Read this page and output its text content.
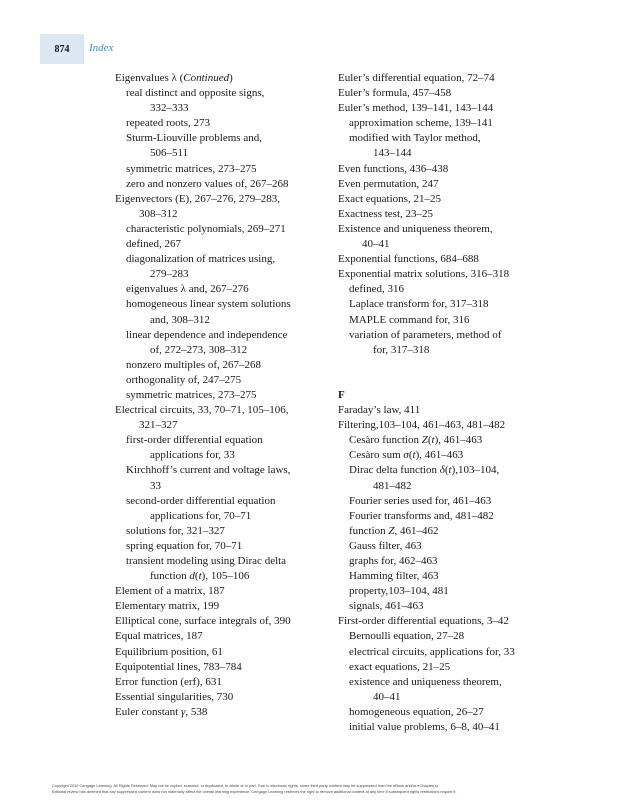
874 Index
Eigenvalues λ (Continued)
real distinct and opposite signs,
332–333
repeated roots, 273
Sturm-Liouville problems and,
506–511
symmetric matrices, 273–275
zero and nonzero values of, 267–268
Eigenvectors (E), 267–276, 279–283,
308–312
characteristic polynomials, 269–271
defined, 267
diagonalization of matrices using,
279–283
eigenvalues λ and, 267–276
homogeneous linear system solutions
and, 308–312
linear dependence and independence
of, 272–273, 308–312
nonzero multiples of, 267–268
orthogonality of, 247–275
symmetric matrices, 273–275
Electrical circuits, 33, 70–71, 105–106,
321–327
first-order differential equation
applications for, 33
Kirchhoff’s current and voltage laws,
33
second-order differential equation
applications for, 70–71
solutions for, 321–327
spring equation for, 70–71
transient modeling using Dirac delta
function d(t), 105–106
Element of a matrix, 187
Elementary matrix, 199
Elliptical cone, surface integrals of, 390
Equal matrices, 187
Equilibrium position, 61
Equipotential lines, 783–784
Error function (erf), 631
Essential singularities, 730
Euler constant γ, 538
Euler’s differential equation, 72–74
Euler’s formula, 457–458
Euler’s method, 139–141, 143–144
approximation scheme, 139–141
modified with Taylor method,
143–144
Even functions, 436–438
Even permutation, 247
Exact equations, 21–25
Exactness test, 23–25
Existence and uniqueness theorem,
40–41
Exponential functions, 684–688
Exponential matrix solutions, 316–318
defined, 316
Laplace transform for, 317–318
MAPLE command for, 316
variation of parameters, method of
for, 317–318
F
Faraday’s law, 411
Filtering,103–104, 461–463, 481–482
Cesàro function Z(t), 461–463
Cesàro sum σ(t), 461–463
Dirac delta function δ(t),103–104,
481–482
Fourier series used for, 461–463
Fourier transforms and, 481–482
function Z, 461–462
Gauss filter, 463
graphs for, 462–463
Hamming filter, 463
property,103–104, 481
signals, 461–463
First-order differential equations, 3–42
Bernoulli equation, 27–28
electrical circuits, applications for, 33
exact equations, 21–25
existence and uniqueness theorem,
40–41
homogeneous equation, 26–27
initial value problems, 6–8, 40–41
Copyright 2010 Cengage Learning. All Rights Reserved. May not be copied, scanned, or duplicated, in whole or in part. Due to electronic rights, some third party content may be suppressed from the eBook and/or eChapter(s).
Editorial review has deemed that any suppressed content does not materially affect the overall learning experience. Cengage Learning reserves the right to remove additional content at any time if subsequent rights restrictions require it.
